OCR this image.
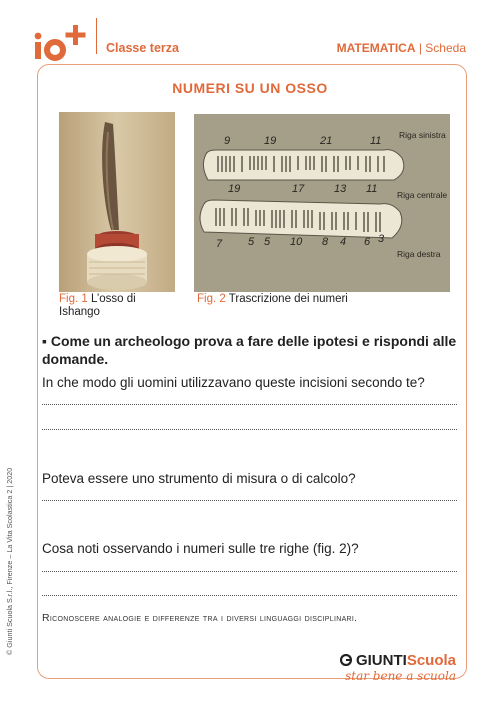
Classe terza	MATEMATICA | Scheda
NUMERI SU UN OSSO
9	19	21	11
19	17	13 11
7 5 5 10 8 4 6 3
Riga sinistra
Riga centrale
Riga destra
Fig. 1 L’osso di Ishango
Fig. 2 Trascrizione dei numeri
▪ Come un archeologo prova a fare delle ipotesi e rispondi alle domande.
In che modo gli uomini utilizzavano queste incisioni secondo te?
Poteva essere uno strumento di misura o di calcolo?
Cosa noti osservando i numeri sulle tre righe (fig. 2)?
Riconoscere analogie e differenze tra i diversi linguaggi disciplinari.
© Giunti Scuola S.r.l., Firenze – La Vita Scolastica 2 | 2020
GIUNTIScuola
star bene a scuola
